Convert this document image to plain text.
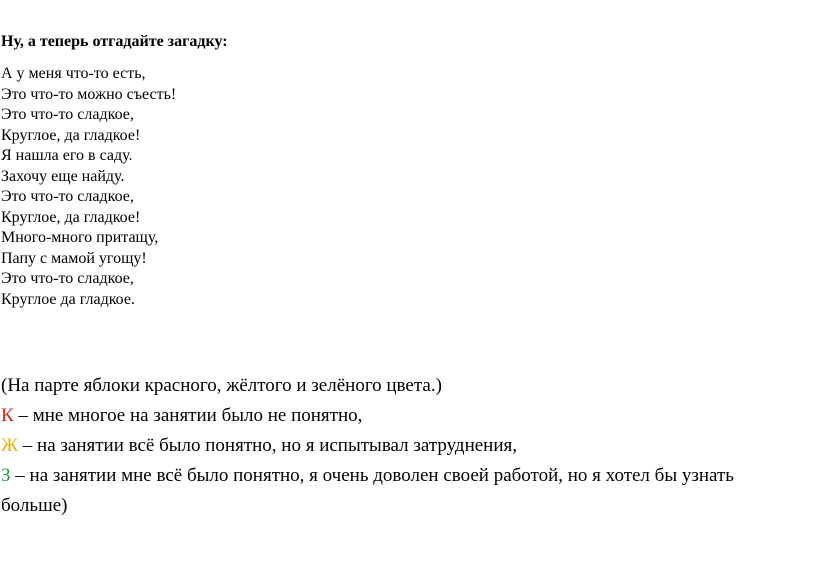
Ну, а теперь отгадайте загадку:
А у меня что-то есть,
Это что-то можно съесть!
Это что-то сладкое,
Круглое, да гладкое!
Я нашла его в саду.
Захочу еще найду.
Это что-то сладкое,
Круглое, да гладкое!
Много-много притащу,
Папу с мамой угощу!
Это что-то сладкое,
Круглое да гладкое.
(На парте яблоки красного, жёлтого и зелёного цвета.)
К – мне многое на занятии было не понятно,
Ж – на занятии всё было понятно, но я испытывал затруднения,
З – на занятии мне всё было понятно, я очень доволен своей работой, но я хотел бы узнать больше)
